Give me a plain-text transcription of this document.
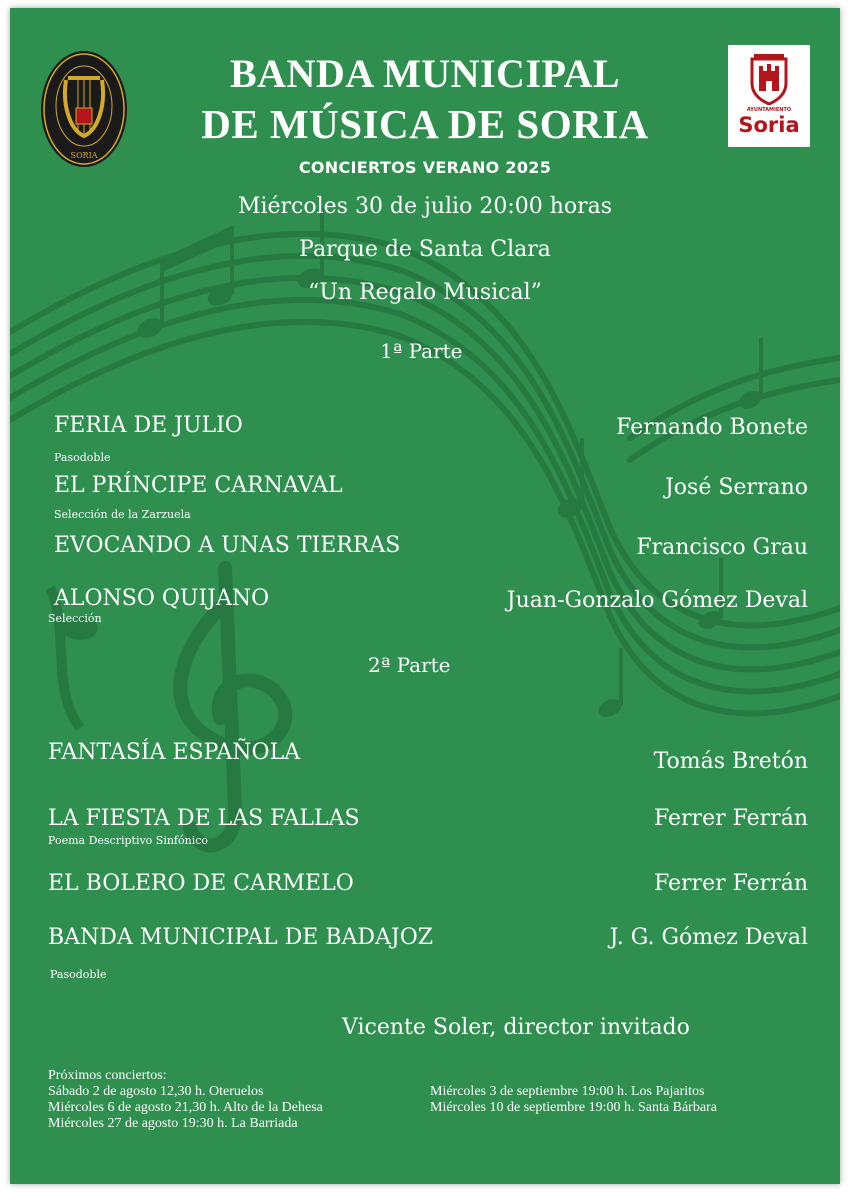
SORIA
AYUNTAMIENTO
Soria
BANDA MUNICIPAL
DE MÚSICA DE SORIA
CONCIERTOS VERANO 2025
Miércoles 30 de julio 20:00 horas
Parque de Santa Clara
“Un Regalo Musical”
1ª Parte
FERIA DE JULIO	Fernando Bonete
Pasodoble
EL PRÍNCIPE CARNAVAL	José Serrano
Selección de la Zarzuela
EVOCANDO A UNAS TIERRAS	Francisco Grau
ALONSO QUIJANO	Juan-Gonzalo Gómez Deval
Selección
2ª Parte
FANTASÍA ESPAÑOLA	Tomás Bretón
LA FIESTA DE LAS FALLAS	Ferrer Ferrán
Poema Descriptivo Sinfónico
EL BOLERO DE CARMELO	Ferrer Ferrán
BANDA MUNICIPAL DE BADAJOZ	J. G. Gómez Deval
Pasodoble
Vicente Soler, director invitado
Próximos conciertos:
Sábado 2 de agosto 12,30 h. Oteruelos
Miércoles 6 de agosto 21,30 h. Alto de la Dehesa
Miércoles 27 de agosto 19:30 h. La Barriada
Miércoles 3 de septiembre 19:00 h. Los Pajaritos
Miércoles 10 de septiembre 19:00 h. Santa Bárbara
